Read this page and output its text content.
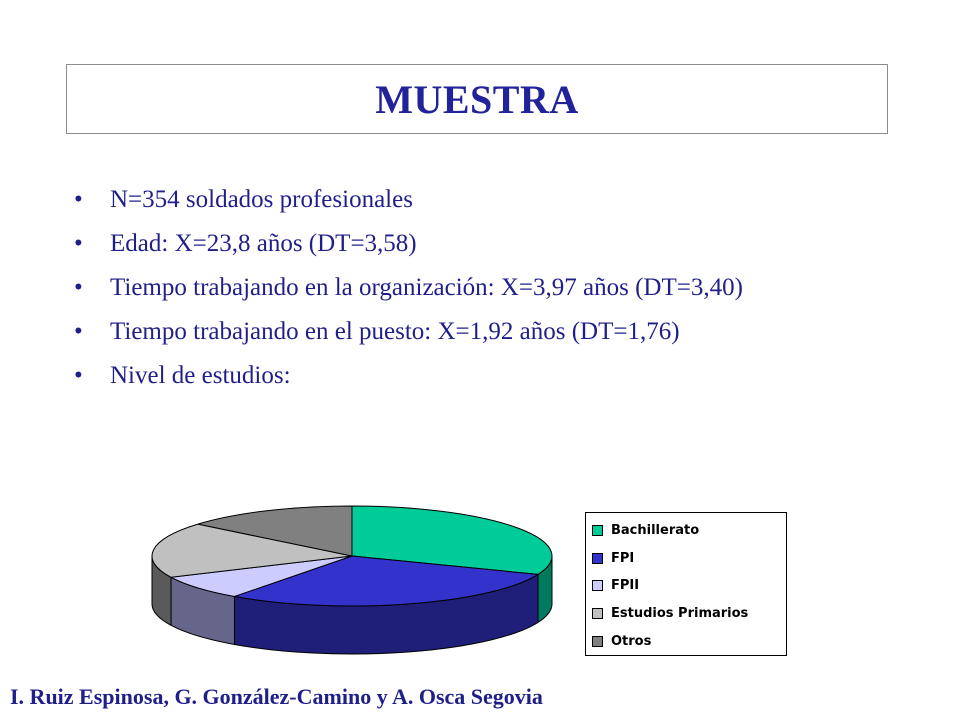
MUESTRA
• N=354 soldados profesionales
• Edad: X=23,8 años (DT=3,58)
• Tiempo trabajando en la organización: X=3,97 años (DT=3,40)
• Tiempo trabajando en el puesto: X=1,92 años (DT=1,76)
• Nivel de estudios:
Bachillerato
FPI
FPII
Estudios Primarios
Otros
I. Ruiz Espinosa, G. González-Camino y A. Osca Segovia
